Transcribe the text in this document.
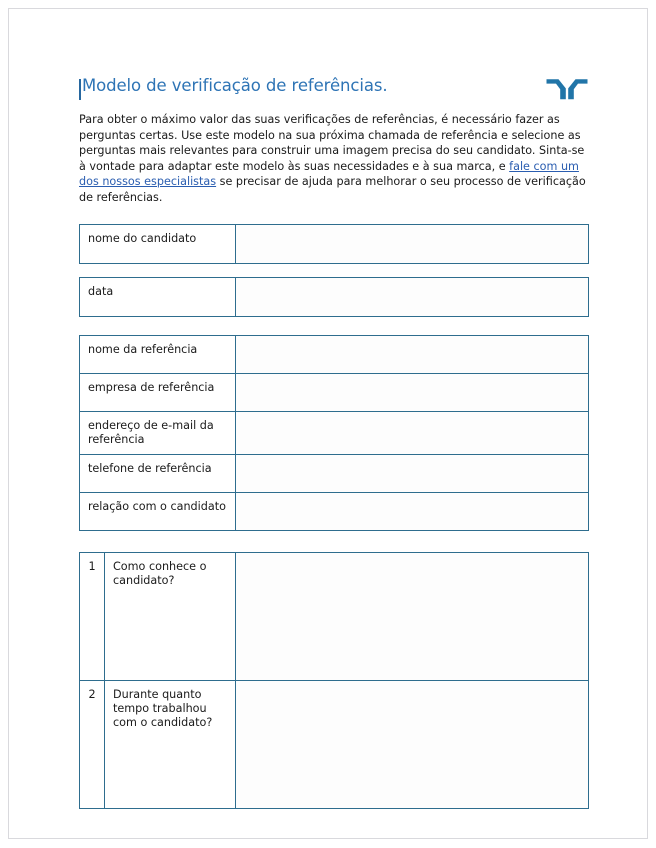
Modelo de verificação de referências.

Para obter o máximo valor das suas verificações de referências, é necessário fazer as perguntas certas. Use este modelo na sua próxima chamada de referência e selecione as perguntas mais relevantes para construir uma imagem precisa do seu candidato. Sinta-se à vontade para adaptar este modelo às suas necessidades e à sua marca, e fale com um dos nossos especialistas se precisar de ajuda para melhorar o seu processo de verificação de referências.

nome do candidato	
data	
nome da referência	
empresa de referência	
endereço de e-mail da referência	
telefone de referência	
relação com o candidato	
1	Como conhece o candidato?	
2	Durante quanto tempo trabalhou com o candidato?	
